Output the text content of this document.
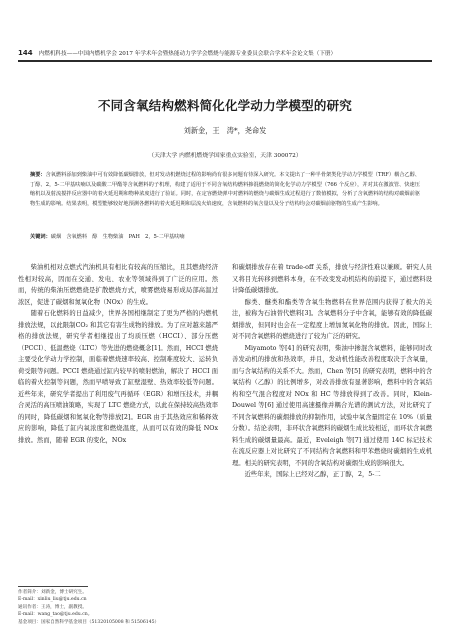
144 内燃机科技——中国内燃机学会 2017 年学术年会暨热能动力学学会燃烧与能源专业委员会联合学术年会论文集（下册）
不同含氧结构燃料简化化学动力学模型的研究
刘新金，王　涛*，尧命发
（天津大学 内燃机燃烧学国家重点实验室，天津 300072）
摘要：含氧燃料添加到柴油中可有效降低碳烟排放，但对发动机燃烧过程的影响尚有很多问题有待深入研究。本文提出了一种半骨架类化学动力学模型（TRF）耦合乙醇、丁醇、2，5-二甲基呋喃以及碳酸二甲酯等含氧燃料的子机理，构建了适用于不同含氧结构燃料掺混燃烧的简化化学动力学模型（766 个反应），并对其在激波管、快速压缩机以及射流搅拌反应器中的着火延迟期和物种浓度进行了验证。同时，在定容燃烧弹中对燃料的燃烧与碳烟生成过程进行了数值模拟，分析了含氧燃料的结构对碳烟前驱物生成的影响。结果表明，模型能够较好地预测各燃料的着火延迟期和层流火焰速度，含氧燃料的氧含量以及分子结构均会对碳烟前驱物的生成产生影响。
关键词：碳烟　含氧燃料　醇　生物柴油　PAH　2，5-二甲基呋喃

柴油机相对点燃式汽油机具有相比有较高的压缩比，且其燃烧经济性相对较高，因而在交通、发电、农业等领域得到了广泛的应用。然而，传统的柴油压燃燃烧是扩散燃烧方式，喷雾燃烧易形成局部高温过浓区，促进了碳烟和氮氧化物（NOx）的生成。

随着石化燃料的日益减少，世界各国相继制定了更为严格的内燃机排放法规，以此限制CO₂ 和其它有害生成物的排放。为了应对越来越严格的排放法规，研究学者相继提出了均质压燃（HCCI）、部分压燃（PCCI）、低温燃烧（LTC）等先进的燃烧概念[1]。然而，HCCI 燃烧主要受化学动力学控制，面临着燃烧速率较高、控制难度较大、运转负荷受限等问题。PCCI 燃烧通过缸内较早的喷射燃油，解决了 HCCI 面临的着火控制等问题，然而早喷导致了缸壁湿壁、热效率较低等问题。近些年来，研究学者提出了利用废气再循环（EGR）和增压技术，并耦合灵活的高压喷油策略，实现了 LTC 燃烧方式，以此在保持较高热效率的同时，降低碳烟和氮氧化物等排放[2]。EGR 由于其热效应和稀释效应的影响，降低了缸内氧浓度和燃烧温度，从而可以有效的降低 NOx 排放。然而，随着 EGR 的变化，NOx

和碳烟排放存在着 trade-off 关系，排放与经济性难以兼顾。研究人员又将目光转移到燃料本身，在不改变发动机结构的前提下，通过燃料设计降低碳烟排放。

醇类、醚类和酯类等含氧生物燃料在世界范围内获得了极大的关注，被称为石油替代燃料[3]。含氧燃料分子中含氧，能够有效的降低碳烟排放，但同时也会在一定程度上增加氮氧化物的排放。因此，国际上对不同含氧燃料的燃烧进行了较为广泛的研究。

Miyamoto 等[4] 的研究表明，柴油中掺混含氧燃料，能够同时改善发动机的排放和热效率，并且，发动机性能改善程度取决于含氧量，而与含氧结构的关系不大。然而，Chen 等[5] 的研究表明，燃料中的含氧结构（乙醇）的比例增多，对改善排放有显著影响，燃料中的含氧结构和空气混合程度对 NOx 和 HC 等排放得到了改善。同时，Klein-Douwel 等[6] 通过使用高速摄像并耦合光谱的测试方法，对比研究了不同含氧燃料的碳烟排放的抑制作用，试验中氧含量固定在 10%（质量分数）。结论表明，非环状含氧燃料的碳烟生成比较相近，而环状含氧燃料生成的碳烟量最高。最近，Eveleigh 等[7] 通过使用 14C 标记技术在流反应器上对比研究了不同结构含氧燃料和甲苯燃烧时碳烟的生成机理。相关的研究表明，不同的含氧结构对碳烟生成的影响很大。

近些年来，国际上已经对乙醇，正丁醇，2，5-二

作者简介：刘新金，博士研究生。
E-mail：xinliu_liu@tju.edu.cn
通讯作者：王涛，博士，副教授。
E-mail：wang_tao@tju.edu.cn。
基金项目：国家自然科学基金项目（51320105008 和 51506145）
